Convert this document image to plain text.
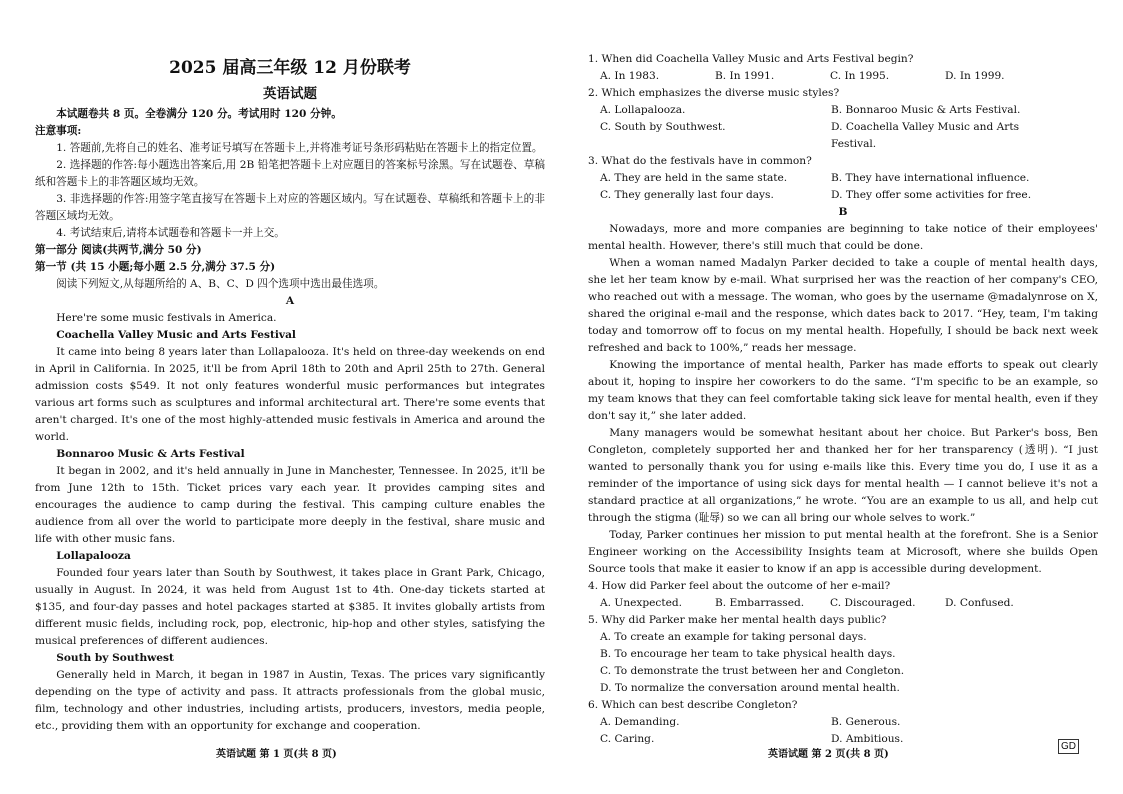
2025 届高三年级 12 月份联考

英语试题

本试题卷共 8 页。全卷满分 120 分。考试用时 120 分钟。

注意事项:

1. 答题前,先将自己的姓名、准考证号填写在答题卡上,并将准考证号条形码粘贴在答题卡上的指定位置。

2. 选择题的作答:每小题选出答案后,用 2B 铅笔把答题卡上对应题目的答案标号涂黑。写在试题卷、草稿纸和答题卡上的非答题区域均无效。

3. 非选择题的作答:用签字笔直接写在答题卡上对应的答题区域内。写在试题卷、草稿纸和答题卡上的非答题区域均无效。

4. 考试结束后,请将本试题卷和答题卡一并上交。

第一部分 阅读(共两节,满分 50 分)

第一节 (共 15 小题;每小题 2.5 分,满分 37.5 分)

阅读下列短文,从每题所给的 A、B、C、D 四个选项中选出最佳选项。

A

Here're some music festivals in America.

Coachella Valley Music and Arts Festival

It came into being 8 years later than Lollapalooza. It's held on three-day weekends on end in April in California. In 2025, it'll be from April 18th to 20th and April 25th to 27th. General admission costs $549. It not only features wonderful music performances but integrates various art forms such as sculptures and informal architectural art. There're some events that aren't charged. It's one of the most highly-attended music festivals in America and around the world.

Bonnaroo Music & Arts Festival

It began in 2002, and it's held annually in June in Manchester, Tennessee. In 2025, it'll be from June 12th to 15th. Ticket prices vary each year. It provides camping sites and encourages the audience to camp during the festival. This camping culture enables the audience from all over the world to participate more deeply in the festival, share music and life with other music fans.

Lollapalooza

Founded four years later than South by Southwest, it takes place in Grant Park, Chicago, usually in August. In 2024, it was held from August 1st to 4th. One-day tickets started at $135, and four-day passes and hotel packages started at $385. It invites globally artists from different music fields, including rock, pop, electronic, hip-hop and other styles, satisfying the musical preferences of different audiences.

South by Southwest

Generally held in March, it began in 1987 in Austin, Texas. The prices vary significantly depending on the type of activity and pass. It attracts professionals from the global music, film, technology and other industries, including artists, producers, investors, media people, etc., providing them with an opportunity for exchange and cooperation.

英语试题 第 1 页(共 8 页)

1. When did Coachella Valley Music and Arts Festival begin?

A. In 1983.	B. In 1991.	C. In 1995.	D. In 1999.

2. Which emphasizes the diverse music styles?

A. Lollapalooza.	B. Bonnaroo Music & Arts Festival.
C. South by Southwest.	D. Coachella Valley Music and Arts Festival.

3. What do the festivals have in common?

A. They are held in the same state.	B. They have international influence.
C. They generally last four days.	D. They offer some activities for free.

B

Nowadays, more and more companies are beginning to take notice of their employees' mental health. However, there's still much that could be done.

When a woman named Madalyn Parker decided to take a couple of mental health days, she let her team know by e-mail. What surprised her was the reaction of her company's CEO, who reached out with a message. The woman, who goes by the username @madalynrose on X, shared the original e-mail and the response, which dates back to 2017. “Hey, team, I'm taking today and tomorrow off to focus on my mental health. Hopefully, I should be back next week refreshed and back to 100%,” reads her message.

Knowing the importance of mental health, Parker has made efforts to speak out clearly about it, hoping to inspire her coworkers to do the same. “I'm specific to be an example, so my team knows that they can feel comfortable taking sick leave for mental health, even if they don't say it,” she later added.

Many managers would be somewhat hesitant about her choice. But Parker's boss, Ben Congleton, completely supported her and thanked her for her transparency (透明). “I just wanted to personally thank you for using e-mails like this. Every time you do, I use it as a reminder of the importance of using sick days for mental health — I cannot believe it's not a standard practice at all organizations,” he wrote. “You are an example to us all, and help cut through the stigma (耻辱) so we can all bring our whole selves to work.”

Today, Parker continues her mission to put mental health at the forefront. She is a Senior Engineer working on the Accessibility Insights team at Microsoft, where she builds Open Source tools that make it easier to know if an app is accessible during development.

4. How did Parker feel about the outcome of her e-mail?

A. Unexpected.	B. Embarrassed.	C. Discouraged.	D. Confused.

5. Why did Parker make her mental health days public?

A. To create an example for taking personal days.
B. To encourage her team to take physical health days.
C. To demonstrate the trust between her and Congleton.
D. To normalize the conversation around mental health.

6. Which can best describe Congleton?

A. Demanding.	B. Generous.
C. Caring.	D. Ambitious.

英语试题 第 2 页(共 8 页)

GD
